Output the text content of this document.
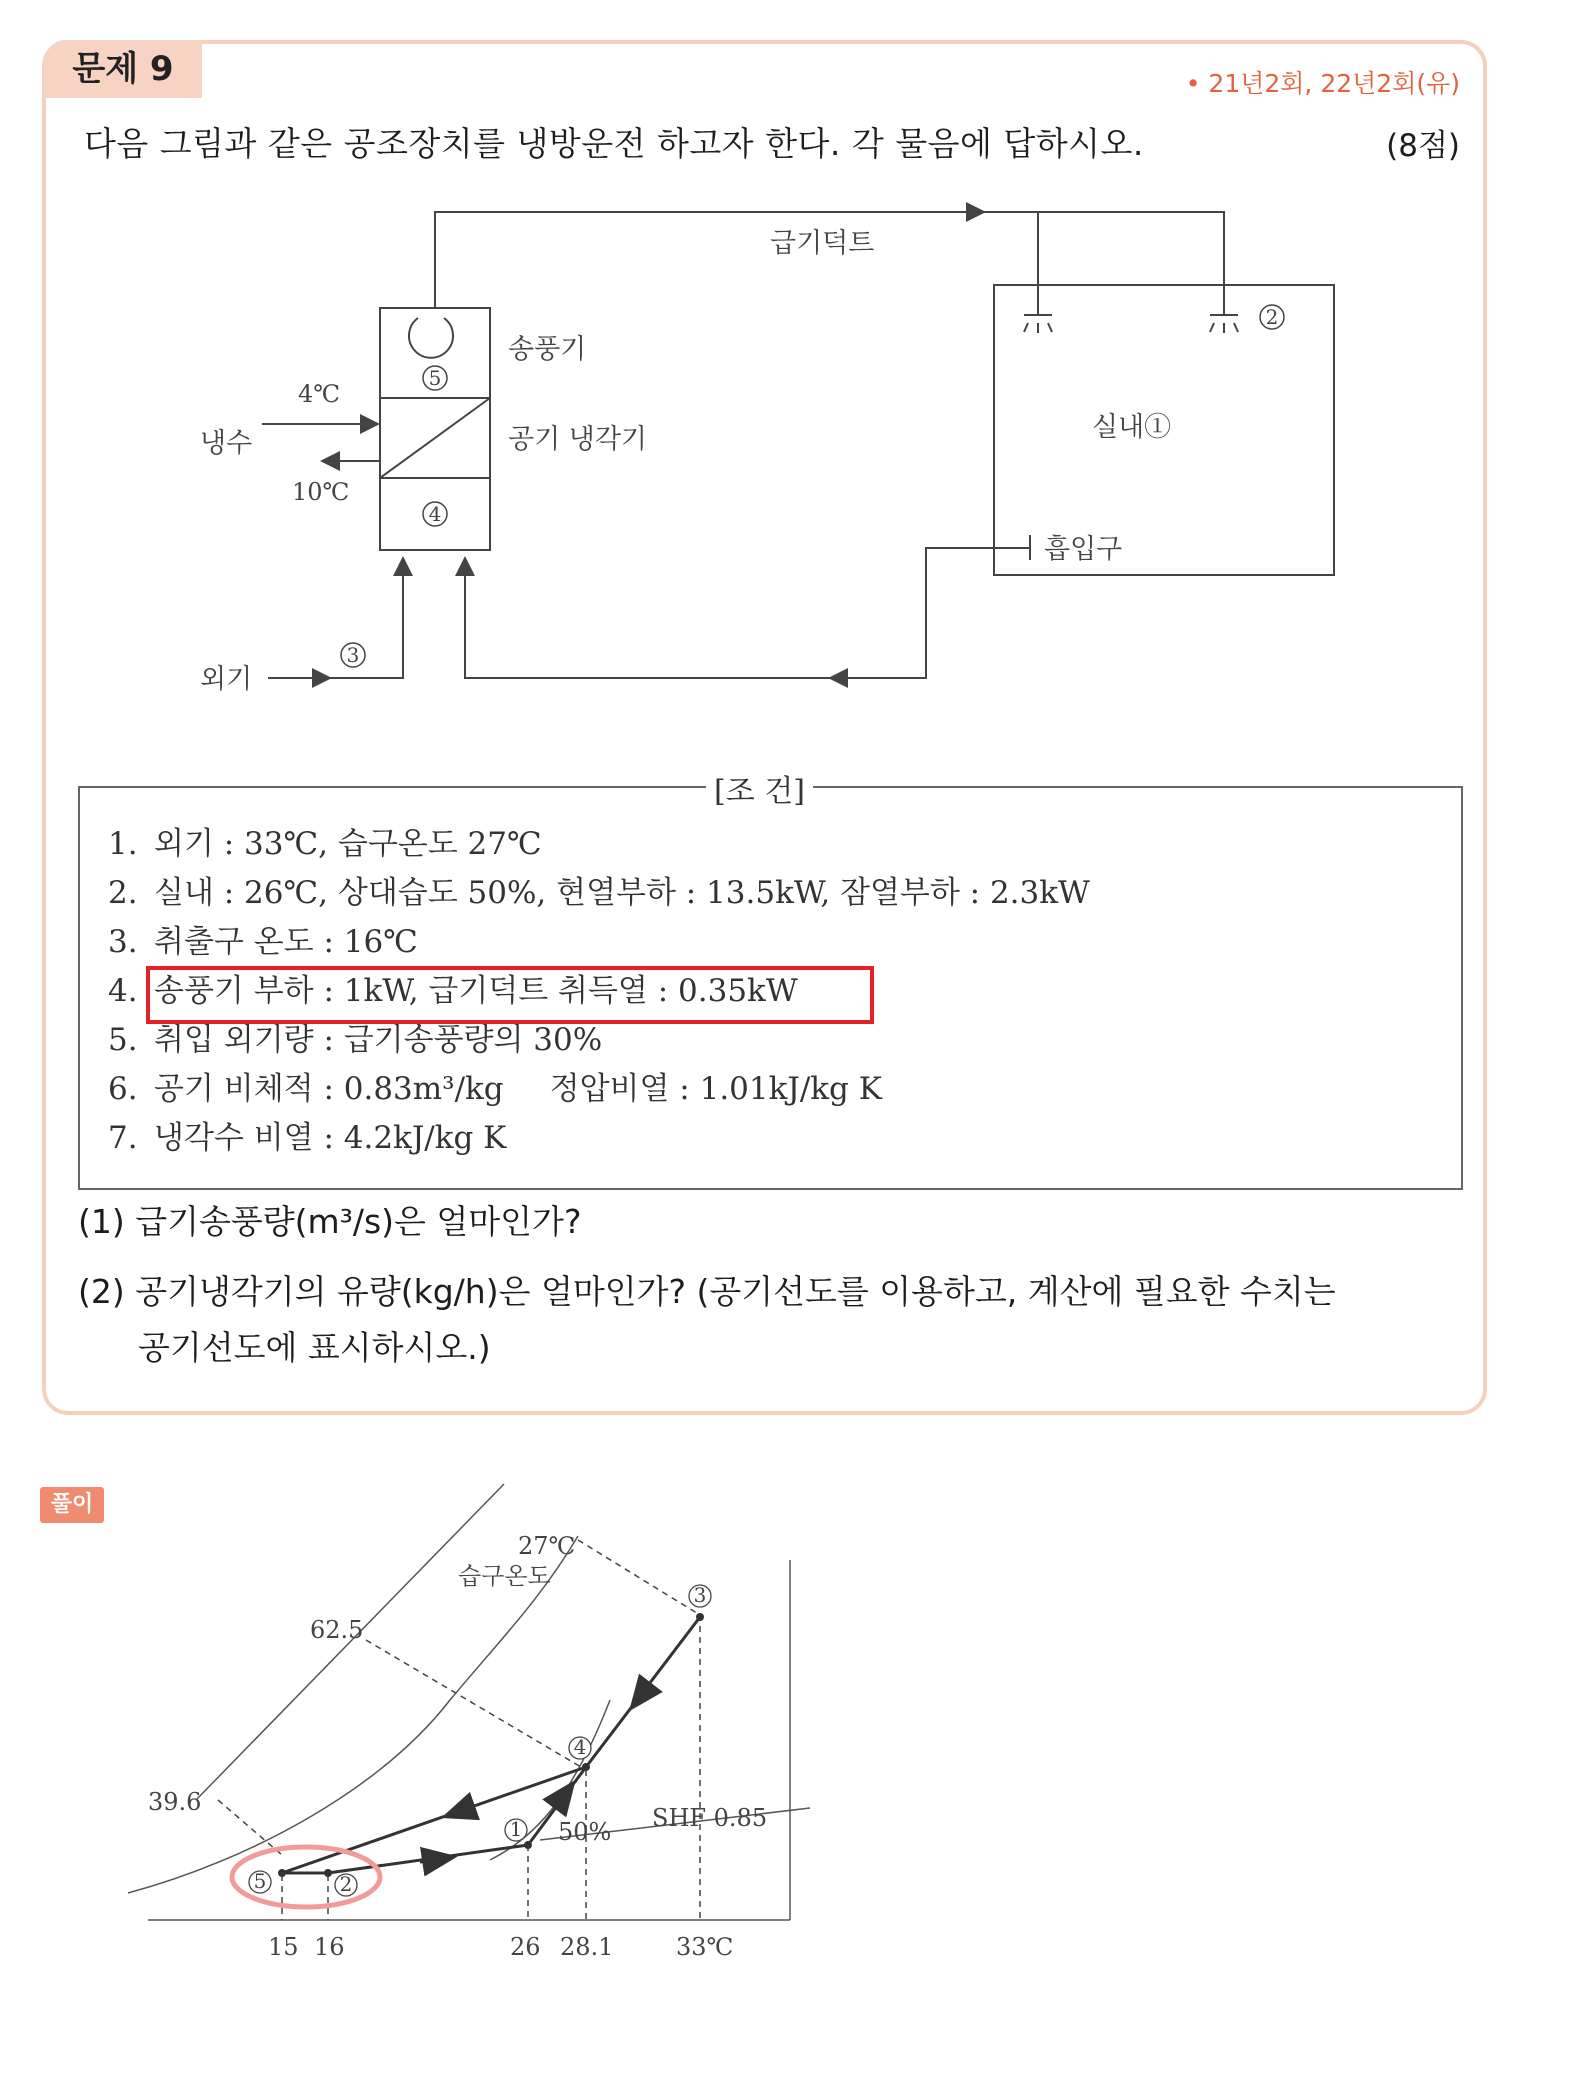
문제 9	• 21년2회, 22년2회(유)
다음 그림과 같은 공조장치를 냉방운전 하고자 한다. 각 물음에 답하시오.	(8점)
5
4
3
2
급기덕트
송풍기
공기 냉각기
냉수
4℃
10℃
외기
실내①
흡입구
[조 건]
1. 외기 : 33℃, 습구온도 27℃
2. 실내 : 26℃, 상대습도 50%, 현열부하 : 13.5kW, 잠열부하 : 2.3kW
3. 취출구 온도 : 16℃
4. 송풍기 부하 : 1kW, 급기덕트 취득열 : 0.35kW
5. 취입 외기량 : 급기송풍량의 30%
6. 공기 비체적 : 0.83m³/kg 정압비열 : 1.01kJ/kg K
7. 냉각수 비열 : 4.2kJ/kg K
(1) 급기송풍량(m³/s)은 얼마인가?
(2) 공기냉각기의 유량(kg/h)은 얼마인가? (공기선도를 이용하고, 계산에 필요한 수치는
공기선도에 표시하시오.)
풀이
3
4
1
5	2
27℃
습구온도
62.5
39.6
50% SHF 0.85
15 16	26 28.1	33℃
